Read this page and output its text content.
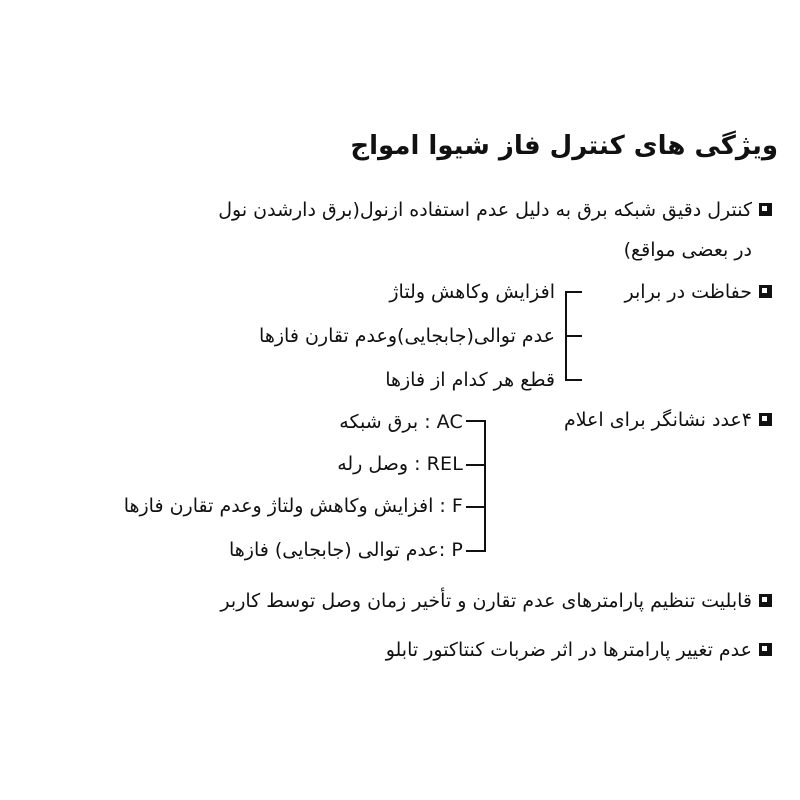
ویژگی های کنترل فاز شیوا امواج
کنترل دقیق شبکه برق به دلیل عدم استفاده ازنول(برق دارشدن نول
در بعضی مواقع)
حفاظت در برابر
افزایش وکاهش ولتاژ
عدم توالی(جابجایی)وعدم تقارن فازها
قطع هر کدام از فازها
۴عدد نشانگر برای اعلام
AC : برق شبکه
REL : وصل رله
F : افزایش وکاهش ولتاژ وعدم تقارن فازها
P :عدم توالی (جابجایی) فازها
قابلیت تنظیم پارامترهای عدم تقارن و تأخیر زمان وصل توسط کاربر
عدم تغییر پارامترها در اثر ضربات کنتاکتور تابلو
